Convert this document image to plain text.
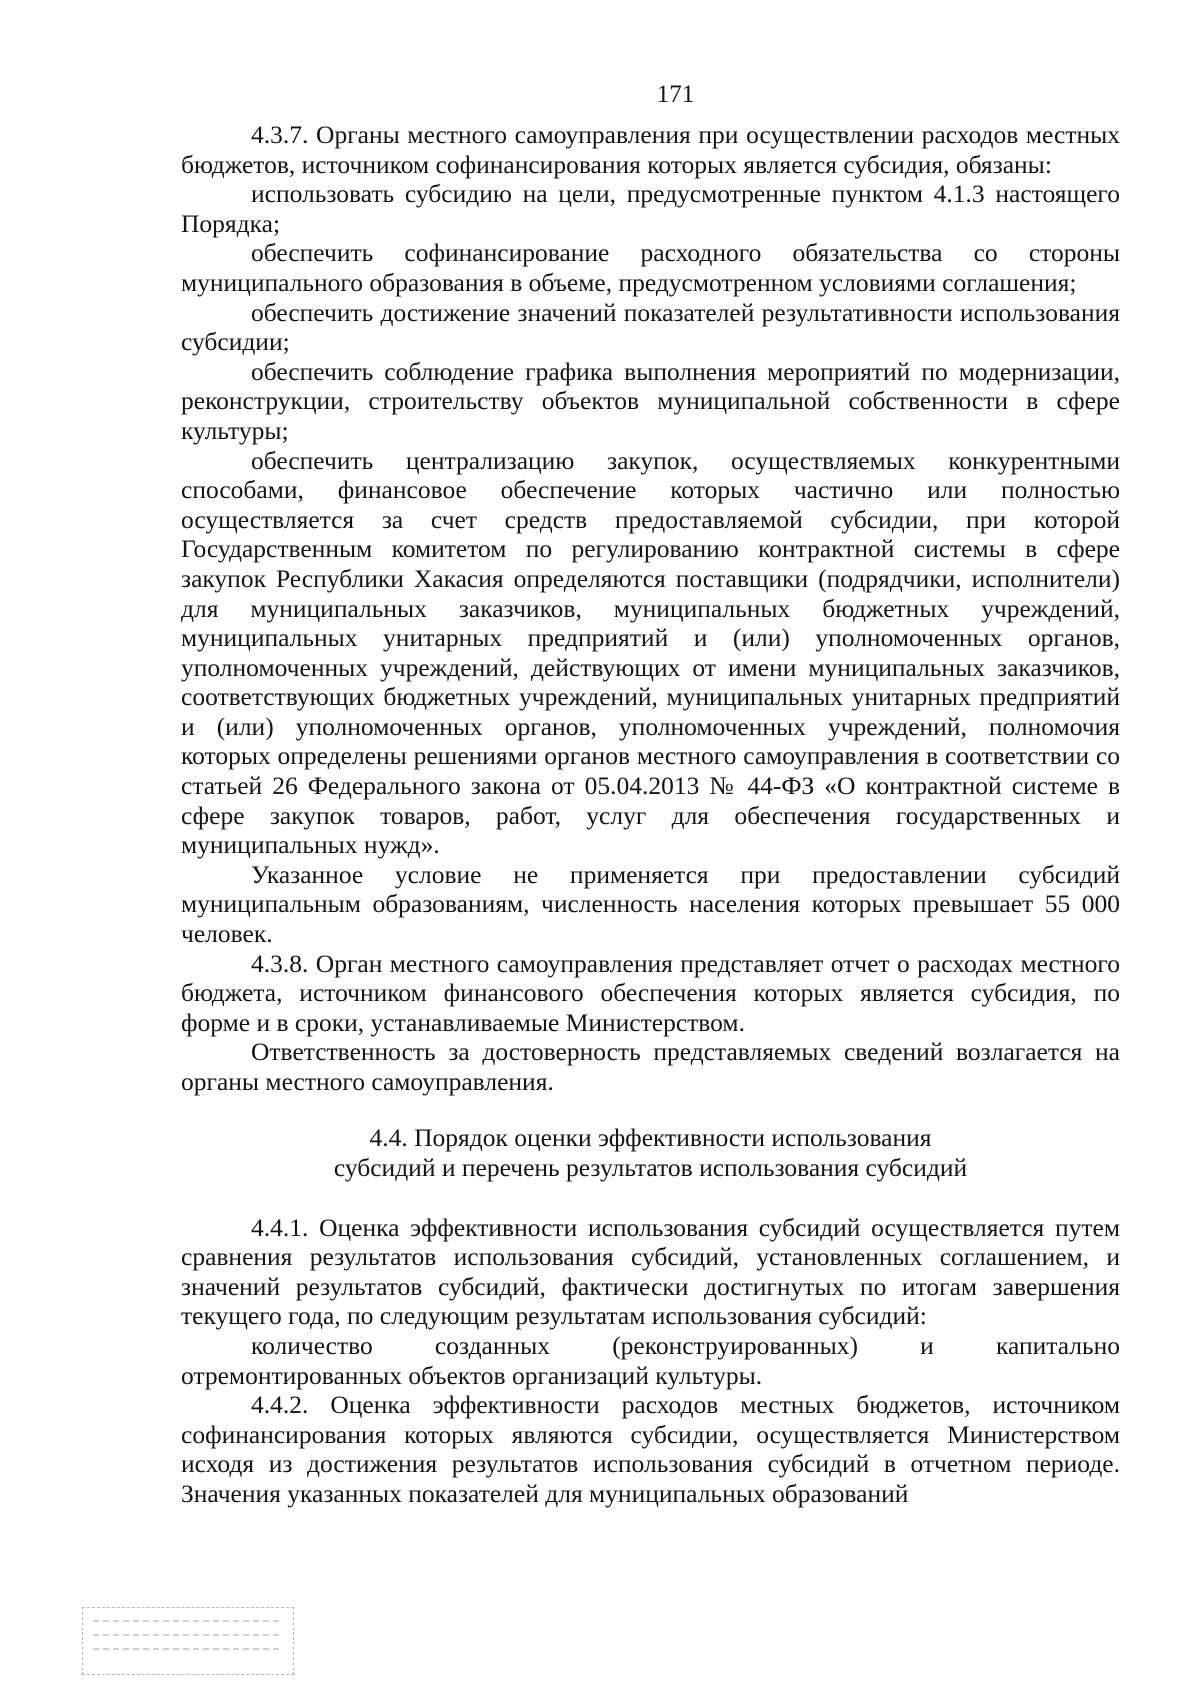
171

4.3.7. Органы местного самоуправления при осуществлении расходов местных бюджетов, источником софинансирования которых является субсидия, обязаны:

использовать субсидию на цели, предусмотренные пунктом 4.1.3 настоящего Порядка;

обеспечить софинансирование расходного обязательства со стороны муниципального образования в объеме, предусмотренном условиями соглашения;

обеспечить достижение значений показателей результативности использования субсидии;

обеспечить соблюдение графика выполнения мероприятий по модернизации, реконструкции, строительству объектов муниципальной собственности в сфере культуры;

обеспечить централизацию закупок, осуществляемых конкурентными способами, финансовое обеспечение которых частично или полностью осуществляется за счет средств предоставляемой субсидии, при которой Государственным комитетом по регулированию контрактной системы в сфере закупок Республики Хакасия определяются поставщики (подрядчики, исполнители) для муниципальных заказчиков, муниципальных бюджетных учреждений, муниципальных унитарных предприятий и (или) уполномоченных органов, уполномоченных учреждений, действующих от имени муниципальных заказчиков, соответствующих бюджетных учреждений, муниципальных унитарных предприятий и (или) уполномоченных органов, уполномоченных учреждений, полномочия которых определены решениями органов местного самоуправления в соответствии со статьей 26 Федерального закона от 05.04.2013 № 44-ФЗ «О контрактной системе в сфере закупок товаров, работ, услуг для обеспечения государственных и муниципальных нужд».

Указанное условие не применяется при предоставлении субсидий муниципальным образованиям, численность населения которых превышает 55 000 человек.

4.3.8. Орган местного самоуправления представляет отчет о расходах местного бюджета, источником финансового обеспечения которых является субсидия, по форме и в сроки, устанавливаемые Министерством.

Ответственность за достоверность представляемых сведений возлагается на органы местного самоуправления.

4.4. Порядок оценки эффективности использования
субсидий и перечень результатов использования субсидий

4.4.1. Оценка эффективности использования субсидий осуществляется путем сравнения результатов использования субсидий, установленных соглашением, и значений результатов субсидий, фактически достигнутых по итогам завершения текущего года, по следующим результатам использования субсидий:

количество созданных (реконструированных) и капитально отремонтированных объектов организаций культуры.

4.4.2. Оценка эффективности расходов местных бюджетов, источником софинансирования которых являются субсидии, осуществляется Министерством исходя из достижения результатов использования субсидий в отчетном периоде. Значения указанных показателей для муниципальных образований
